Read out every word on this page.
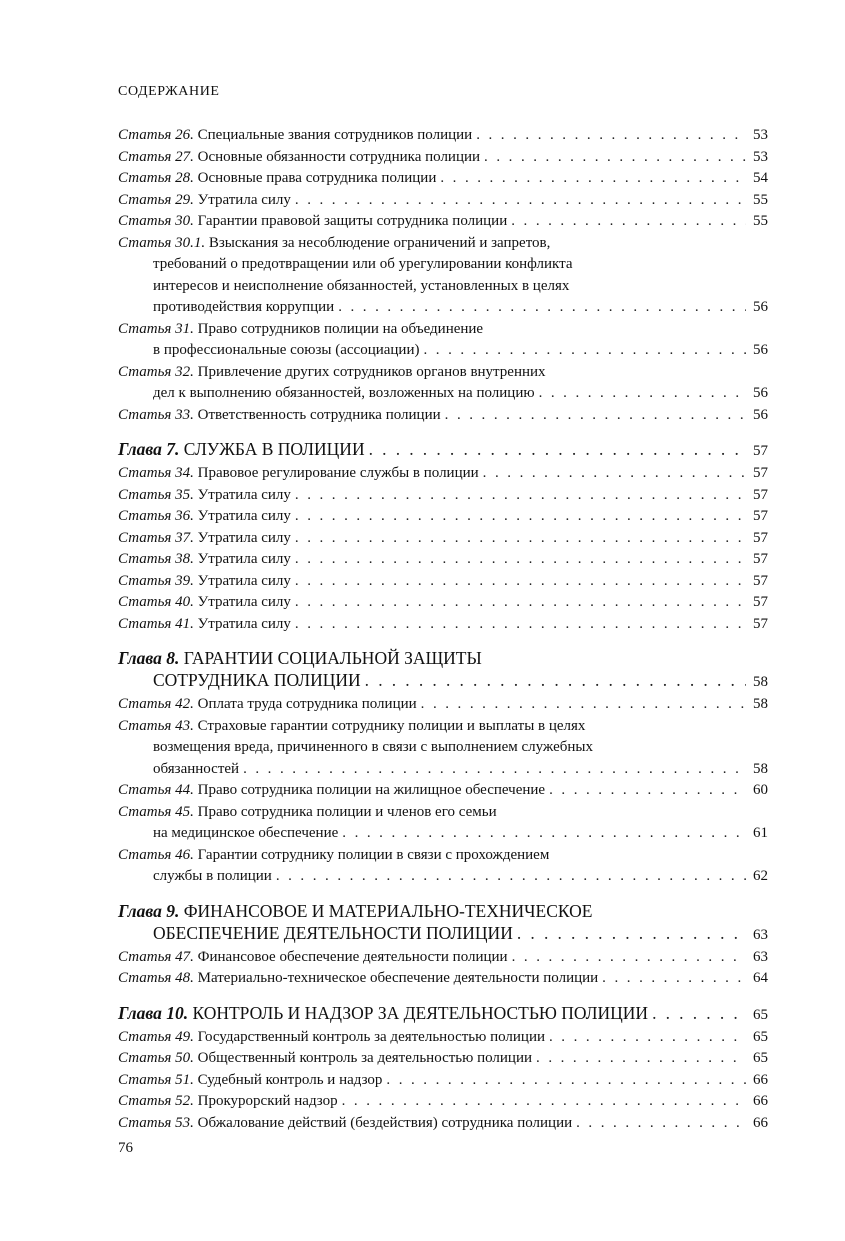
СОДЕРЖАНИЕ
Статья 26.
Специальные звания сотрудников полиции . . .	53
Статья 27.
Основные обязанности сотрудника полиции . . .	53
Статья 28.
Основные права сотрудника полиции . . .	54
Статья 29.
Утратила силу . . .	55
Статья 30.
Гарантии правовой защиты сотрудника полиции . . .	55
Статья 30.1.
Взыскания за несоблюдение ограничений и запретов,
требований о предотвращении или об урегулировании конфликта
интересов и неисполнение обязанностей, установленных в целях
противодействия коррупции . . .	56
Статья 31.
Право сотрудников полиции на объединение
в профессиональные союзы (ассоциации) . . .	56
Статья 32.
Привлечение других сотрудников органов внутренних
дел к выполнению обязанностей, возложенных на полицию . . .	56
Статья 33.
Ответственность сотрудника полиции . . .	56
Глава 7.
СЛУЖБА В ПОЛИЦИИ . . .	57
Статья 34.
Правовое регулирование службы в полиции . . .	57
Статья 35.
Утратила силу . . .	57
Статья 36.
Утратила силу . . .	57
Статья 37.
Утратила силу . . .	57
Статья 38.
Утратила силу . . .	57
Статья 39.
Утратила силу . . .	57
Статья 40.
Утратила силу . . .	57
Статья 41.
Утратила силу . . .	57
Глава 8.
ГАРАНТИИ СОЦИАЛЬНОЙ ЗАЩИТЫ
СОТРУДНИКА ПОЛИЦИИ . . .	58
Статья 42.
Оплата труда сотрудника полиции . . .	58
Статья 43.
Страховые гарантии сотруднику полиции и выплаты в целях
возмещения вреда, причиненного в связи с выполнением служебных
обязанностей . . .	58
Статья 44.
Право сотрудника полиции на жилищное обеспечение . . .	60
Статья 45.
Право сотрудника полиции и членов его семьи
на медицинское обеспечение . . .	61
Статья 46.
Гарантии сотруднику полиции в связи с прохождением
службы в полиции . . .	62
Глава 9.
ФИНАНСОВОЕ И МАТЕРИАЛЬНО-ТЕХНИЧЕСКОЕ
ОБЕСПЕЧЕНИЕ ДЕЯТЕЛЬНОСТИ ПОЛИЦИИ . . .	63
Статья 47.
Финансовое обеспечение деятельности полиции . . .	63
Статья 48.
Материально-техническое обеспечение деятельности полиции . . .	64
Глава 10.
КОНТРОЛЬ И НАДЗОР ЗА ДЕЯТЕЛЬНОСТЬЮ ПОЛИЦИИ . . .	65
Статья 49.
Государственный контроль за деятельностью полиции . . .	65
Статья 50.
Общественный контроль за деятельностью полиции . . .	65
Статья 51.
Судебный контроль и надзор . . .	66
Статья 52.
Прокурорский надзор . . .	66
Статья 53.
Обжалование действий (бездействия) сотрудника полиции . . .	66
76
